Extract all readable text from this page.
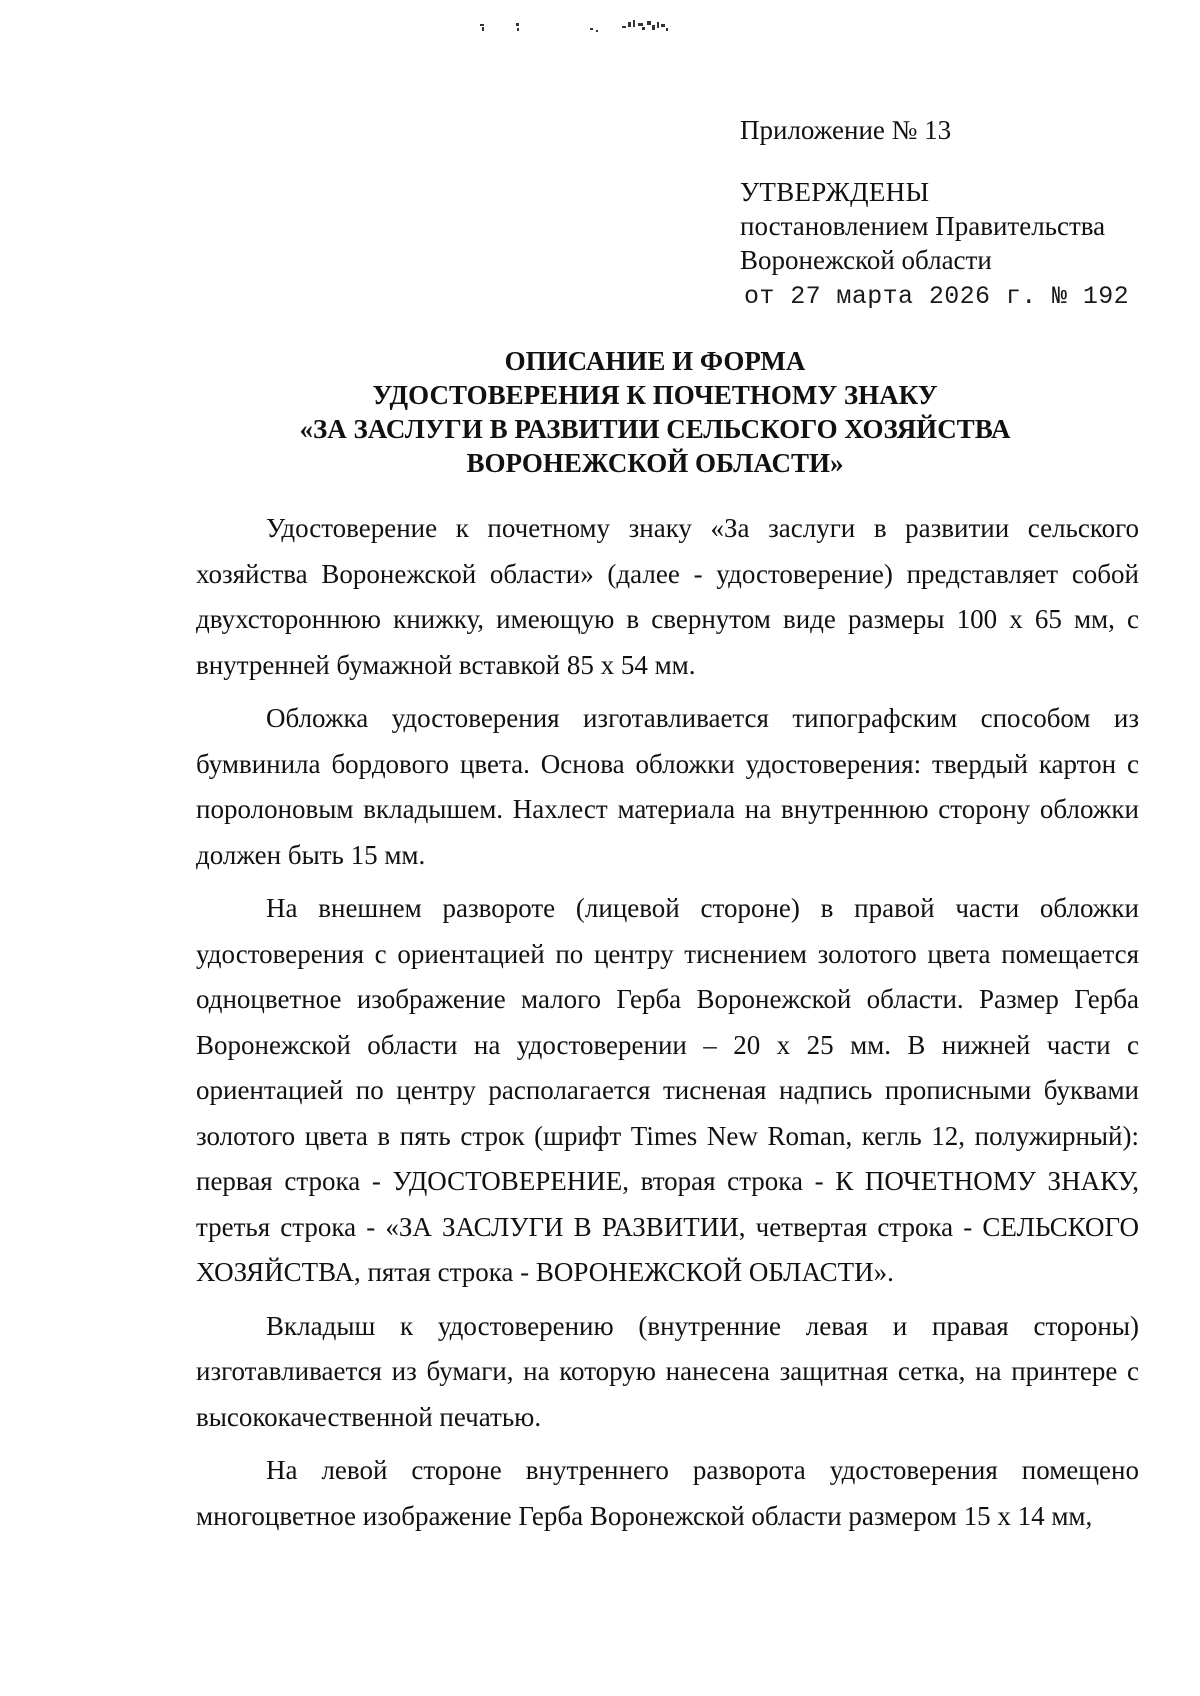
Приложение № 13

УТВЕРЖДЕНЫ

постановлением Правительства

Воронежской области

от 27 марта 2026 г. № 192

ОПИСАНИЕ И ФОРМА

УДОСТОВЕРЕНИЯ К ПОЧЕТНОМУ ЗНАКУ

«ЗА ЗАСЛУГИ В РАЗВИТИИ СЕЛЬСКОГО ХОЗЯЙСТВА

ВОРОНЕЖСКОЙ ОБЛАСТИ»

Удостоверение к почетному знаку «За заслуги в развитии сельского хозяйства Воронежской области» (далее - удостоверение) представляет собой двухстороннюю книжку, имеющую в свернутом виде размеры 100 х 65 мм, с внутренней бумажной вставкой 85 х 54 мм.

Обложка удостоверения изготавливается типографским способом из бумвинила бордового цвета. Основа обложки удостоверения: твердый картон с поролоновым вкладышем. Нахлест материала на внутреннюю сторону обложки должен быть 15 мм.

На внешнем развороте (лицевой стороне) в правой части обложки удостоверения с ориентацией по центру тиснением золотого цвета помещается одноцветное изображение малого Герба Воронежской области. Размер Герба Воронежской области на удостоверении – 20 х 25 мм. В нижней части с ориентацией по центру располагается тисненая надпись прописными буквами золотого цвета в пять строк (шрифт Times New Roman, кегль 12, полужирный): первая строка - УДОСТОВЕРЕНИЕ, вторая строка - К ПОЧЕТНОМУ ЗНАКУ, третья строка - «ЗА ЗАСЛУГИ В РАЗВИТИИ, четвертая строка - СЕЛЬСКОГО ХОЗЯЙСТВА, пятая строка - ВОРОНЕЖСКОЙ ОБЛАСТИ».

Вкладыш к удостоверению (внутренние левая и правая стороны) изготавливается из бумаги, на которую нанесена защитная сетка, на принтере с высококачественной печатью.

На левой стороне внутреннего разворота удостоверения помещено многоцветное изображение Герба Воронежской области размером 15 х 14 мм,
